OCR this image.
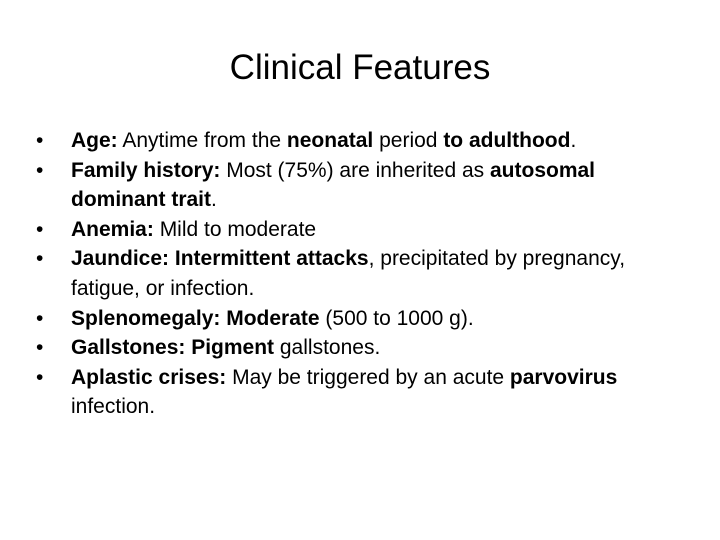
Clinical Features
•	Age: Anytime from the neonatal period to adulthood.
•	Family history: Most (75%) are inherited as autosomal dominant trait.
•	Anemia: Mild to moderate
•	Jaundice: Intermittent attacks, precipitated by pregnancy, fatigue, or infection.
•	Splenomegaly: Moderate (500 to 1000 g).
•	Gallstones: Pigment gallstones.
•	Aplastic crises: May be triggered by an acute parvovirus infection.
